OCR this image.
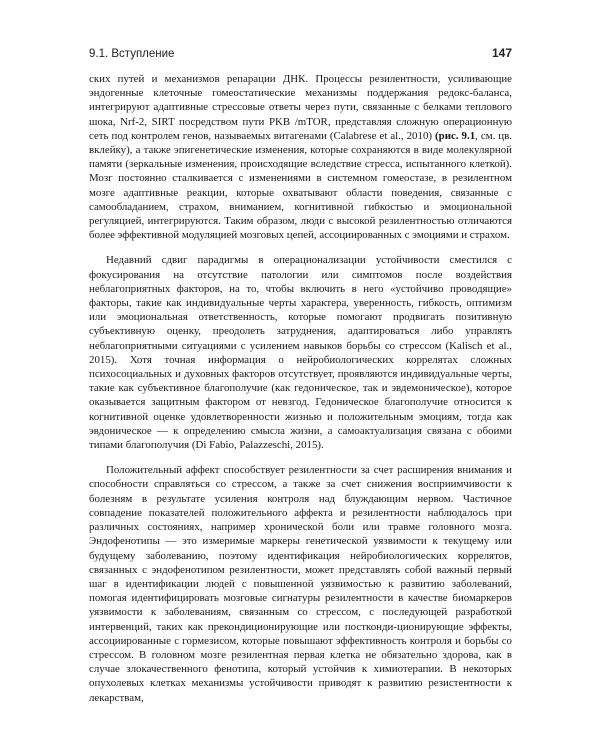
9.1. Вступление	147

ских путей и механизмов репарации ДНК. Процессы резилентности, усиливающие эндогенные клеточные гомеостатические механизмы поддержания редокс-баланса, интегрируют адаптивные стрессовые ответы через пути, связанные с белками теплового шока, Nrf-2, SIRT посредством пути PKB /mTOR, представляя сложную операционную сеть под контролем генов, называемых витагенами (Calabrese et al., 2010) (рис. 9.1, см. цв. вклейку), а также эпигенетические изменения, которые сохраняются в виде молекулярной памяти (зеркальные изменения, происходящие вследствие стресса, испытанного клеткой). Мозг постоянно сталкивается с изменениями в системном гомеостазе, в резилентном мозге адаптивные реакции, которые охватывают области поведения, связанные с самообладанием, страхом, вниманием, когнитивной гибкостью и эмоциональной регуляцией, интегрируются. Таким образом, люди с высокой резилентностью отличаются более эффективной модуляцией мозговых цепей, ассоциированных с эмоциями и страхом.

Недавний сдвиг парадигмы в операционализации устойчивости сместился с фокусирования на отсутствие патологии или симптомов после воздействия неблагоприятных факторов, на то, чтобы включить в него «устойчиво проводящие» факторы, такие как индивидуальные черты характера, уверенность, гибкость, оптимизм или эмоциональная ответственность, которые помогают продвигать позитивную субъективную оценку, преодолеть затруднения, адаптироваться либо управлять неблагоприятными ситуациями с усилением навыков борьбы со стрессом (Kalisch et al., 2015). Хотя точная информация о нейробиологических коррелятах сложных психосоциальных и духовных факторов отсутствует, проявляются индивидуальные черты, такие как субъективное благополучие (как гедоническое, так и эвдемоническое), которое оказывается защитным фактором от невзгод. Гедоническое благополучие относится к когнитивной оценке удовлетворенности жизнью и положительным эмоциям, тогда как эвдоническое — к определению смысла жизни, а самоактуализация связана с обоими типами благополучия (Di Fabio, Palazzeschi, 2015).

Положительный аффект способствует резилентности за счет расширения внимания и способности справляться со стрессом, а также за счет снижения восприимчивости к болезням в результате усиления контроля над блуждающим нервом. Частичное совпадение показателей положительного аффекта и резилентности наблюдалось при различных состояниях, например хронической боли или травме головного мозга. Эндофенотипы — это измеримые маркеры генетической уязвимости к текущему или будущему заболеванию, поэтому идентификация нейробиологических коррелятов, связанных с эндофенотипом резилентности, может представлять собой важный первый шаг в идентификации людей с повышенной уязвимостью к развитию заболеваний, помогая идентифицировать мозговые сигнатуры резилентности в качестве биомаркеров уязвимости к заболеваниям, связанным со стрессом, с последующей разработкой интервенций, таких как прекондиционирующие или постконди-ционирующие эффекты, ассоциированные с гормезисом, которые повышают эффективность контроля и борьбы со стрессом. В головном мозге резилентная первая клетка не обязательно здорова, как в случае злокачественного фенотипа, который устойчив к химиотерапии. В некоторых опухолевых клетках механизмы устойчивости приводят к развитию резистентности к лекарствам,
